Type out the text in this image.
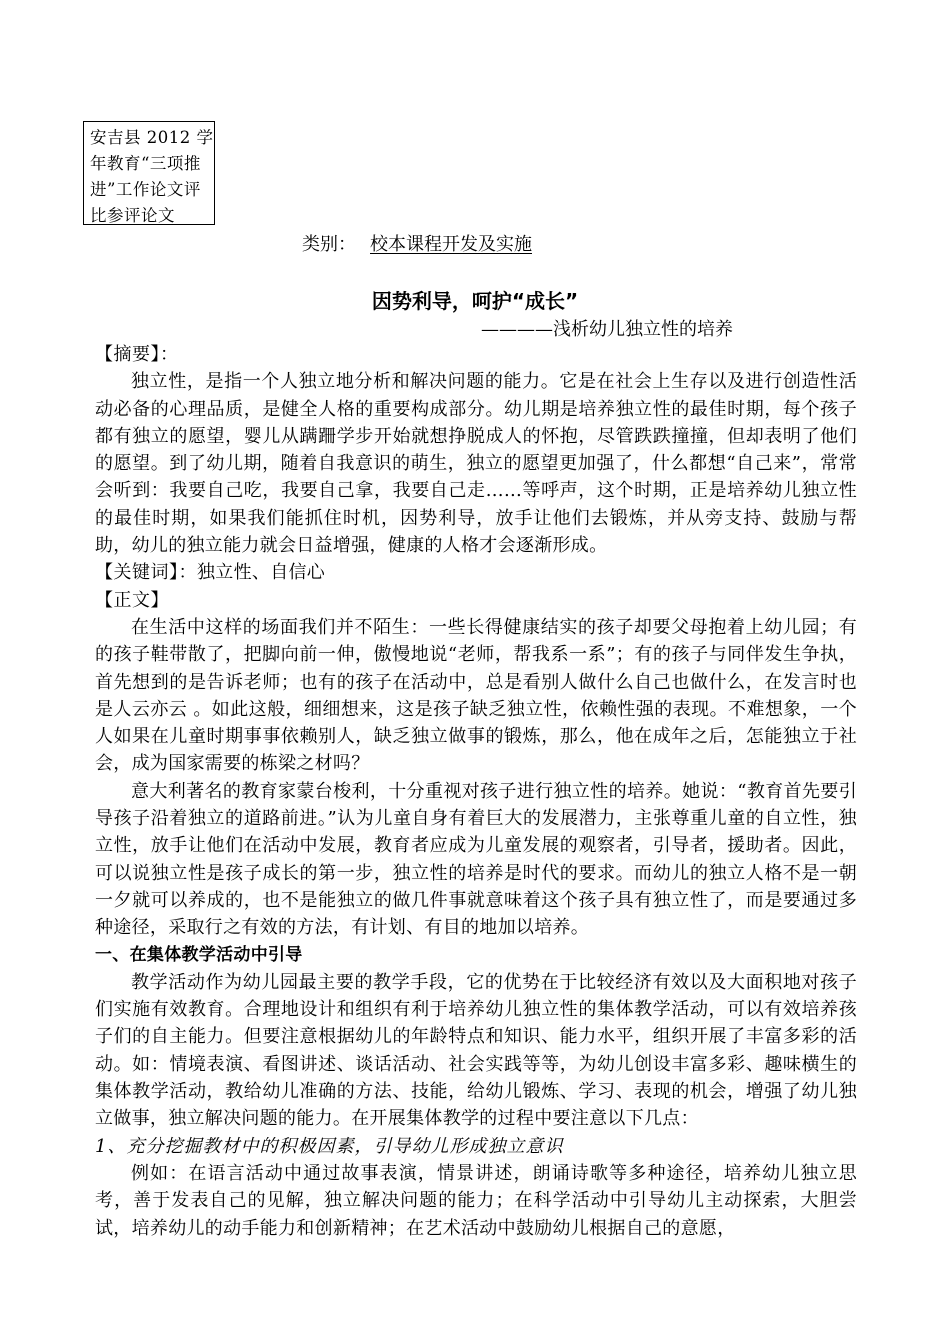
安吉县 2012 学
年教育“三项推
进”工作论文评
比参评论文
类别： 校本课程开发及实施
因势利导，呵护“成长”
————浅析幼儿独立性的培养

【摘要】：

独立性，是指一个人独立地分析和解决问题的能力。它是在社会上生存以及进行创造性活动必备的心理品质，是健全人格的重要构成部分。幼儿期是培养独立性的最佳时期，每个孩子都有独立的愿望，婴儿从蹒跚学步开始就想挣脱成人的怀抱，尽管跌跌撞撞，但却表明了他们的愿望。到了幼儿期，随着自我意识的萌生，独立的愿望更加强了，什么都想“自己来”，常常会听到：我要自己吃，我要自己拿，我要自己走……等呼声，这个时期，正是培养幼儿独立性的最佳时期，如果我们能抓住时机，因势利导，放手让他们去锻炼，并从旁支持、鼓励与帮助，幼儿的独立能力就会日益增强，健康的人格才会逐渐形成。

【关键词】：独立性、自信心

【正文】

在生活中这样的场面我们并不陌生：一些长得健康结实的孩子却要父母抱着上幼儿园；有的孩子鞋带散了，把脚向前一伸，傲慢地说“老师，帮我系一系”；有的孩子与同伴发生争执，首先想到的是告诉老师；也有的孩子在活动中，总是看别人做什么自己也做什么，在发言时也是人云亦云 。如此这般，细细想来，这是孩子缺乏独立性，依赖性强的表现。不难想象，一个人如果在儿童时期事事依赖别人，缺乏独立做事的锻炼，那么，他在成年之后，怎能独立于社会，成为国家需要的栋梁之材吗？

意大利著名的教育家蒙台梭利，十分重视对孩子进行独立性的培养。她说：“教育首先要引导孩子沿着独立的道路前进。”认为儿童自身有着巨大的发展潜力，主张尊重儿童的自立性，独立性，放手让他们在活动中发展，教育者应成为儿童发展的观察者，引导者，援助者。因此，可以说独立性是孩子成长的第一步，独立性的培养是时代的要求。而幼儿的独立人格不是一朝一夕就可以养成的，也不是能独立的做几件事就意味着这个孩子具有独立性了，而是要通过多种途径，采取行之有效的方法，有计划、有目的地加以培养。

一、在集体教学活动中引导

教学活动作为幼儿园最主要的教学手段，它的优势在于比较经济有效以及大面积地对孩子们实施有效教育。合理地设计和组织有利于培养幼儿独立性的集体教学活动，可以有效培养孩子们的自主能力。但要注意根据幼儿的年龄特点和知识、能力水平，组织开展了丰富多彩的活动。如：情境表演、看图讲述、谈话活动、社会实践等等，为幼儿创设丰富多彩、趣味横生的集体教学活动，教给幼儿准确的方法、技能，给幼儿锻炼、学习、表现的机会，增强了幼儿独立做事，独立解决问题的能力。在开展集体教学的过程中要注意以下几点：

1、充分挖掘教材中的积极因素，引导幼儿形成独立意识

例如：在语言活动中通过故事表演，情景讲述，朗诵诗歌等多种途径，培养幼儿独立思考，善于发表自己的见解，独立解决问题的能力；在科学活动中引导幼儿主动探索，大胆尝试，培养幼儿的动手能力和创新精神；在艺术活动中鼓励幼儿根据自己的意愿，
